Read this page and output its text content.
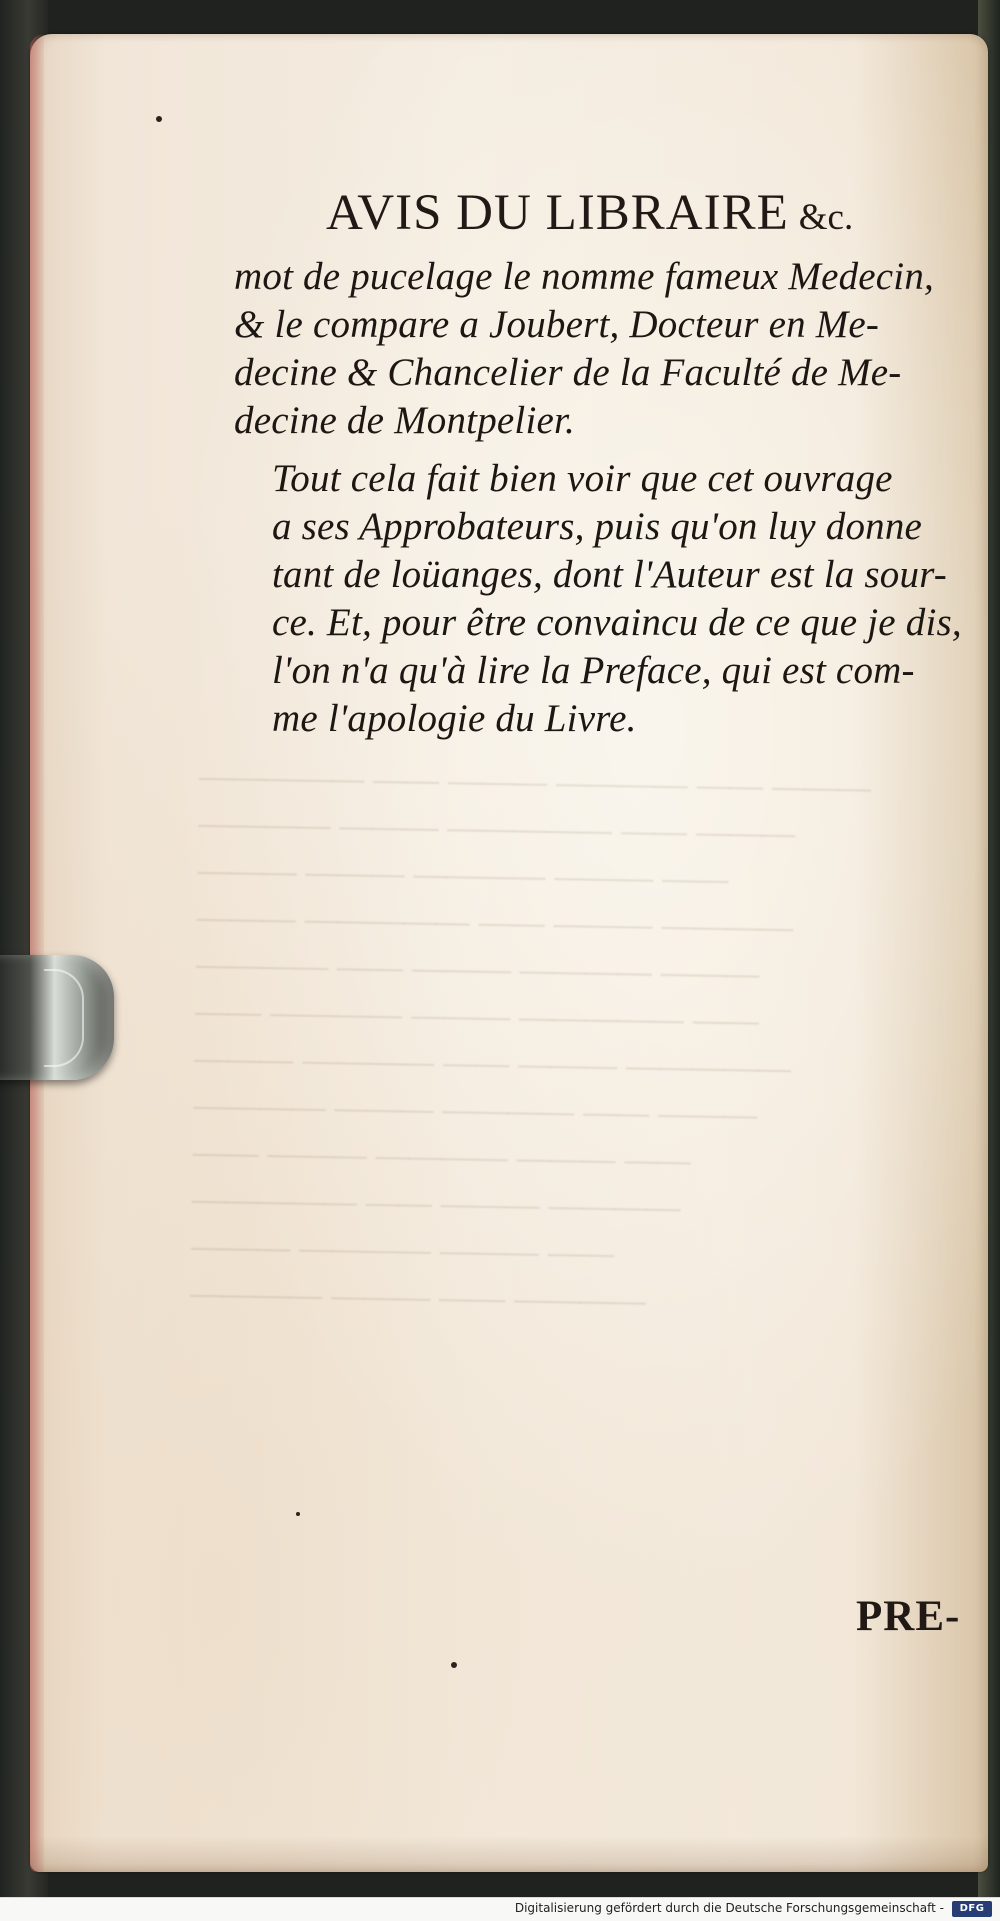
————— —— ——— ———— —— ———
———— ——— ————— —— ———
——— ——— ———— ——— ——
——— ————— —— ——— ————
———— —— ——— ———— ———
—— ———— ——— ————— ——
——— ———— —— ——— —————
———— ——— ———— —— ———
—— ——— ———— ——— ——
————— —— ——— ————
——— ———— ——— ——
———— ——— —— ————
AVIS DU LIBRAIRE &c.

mot de pucelage le nomme fameux Medecin,
& le compare a Joubert, Docteur en Me-
decine & Chancelier de la Faculté de Me-
decine de Montpelier.

Tout cela fait bien voir que cet ouvrage
a ses Approbateurs, puis qu'on luy donne
tant de loüanges, dont l'Auteur est la sour-
ce. Et, pour être convaincu de ce que je dis,
l'on n'a qu'à lire la Preface, qui est com-
me l'apologie du Livre.

PRE-
Digitalisierung gefördert durch die Deutsche Forschungsgemeinschaft -	DFG
